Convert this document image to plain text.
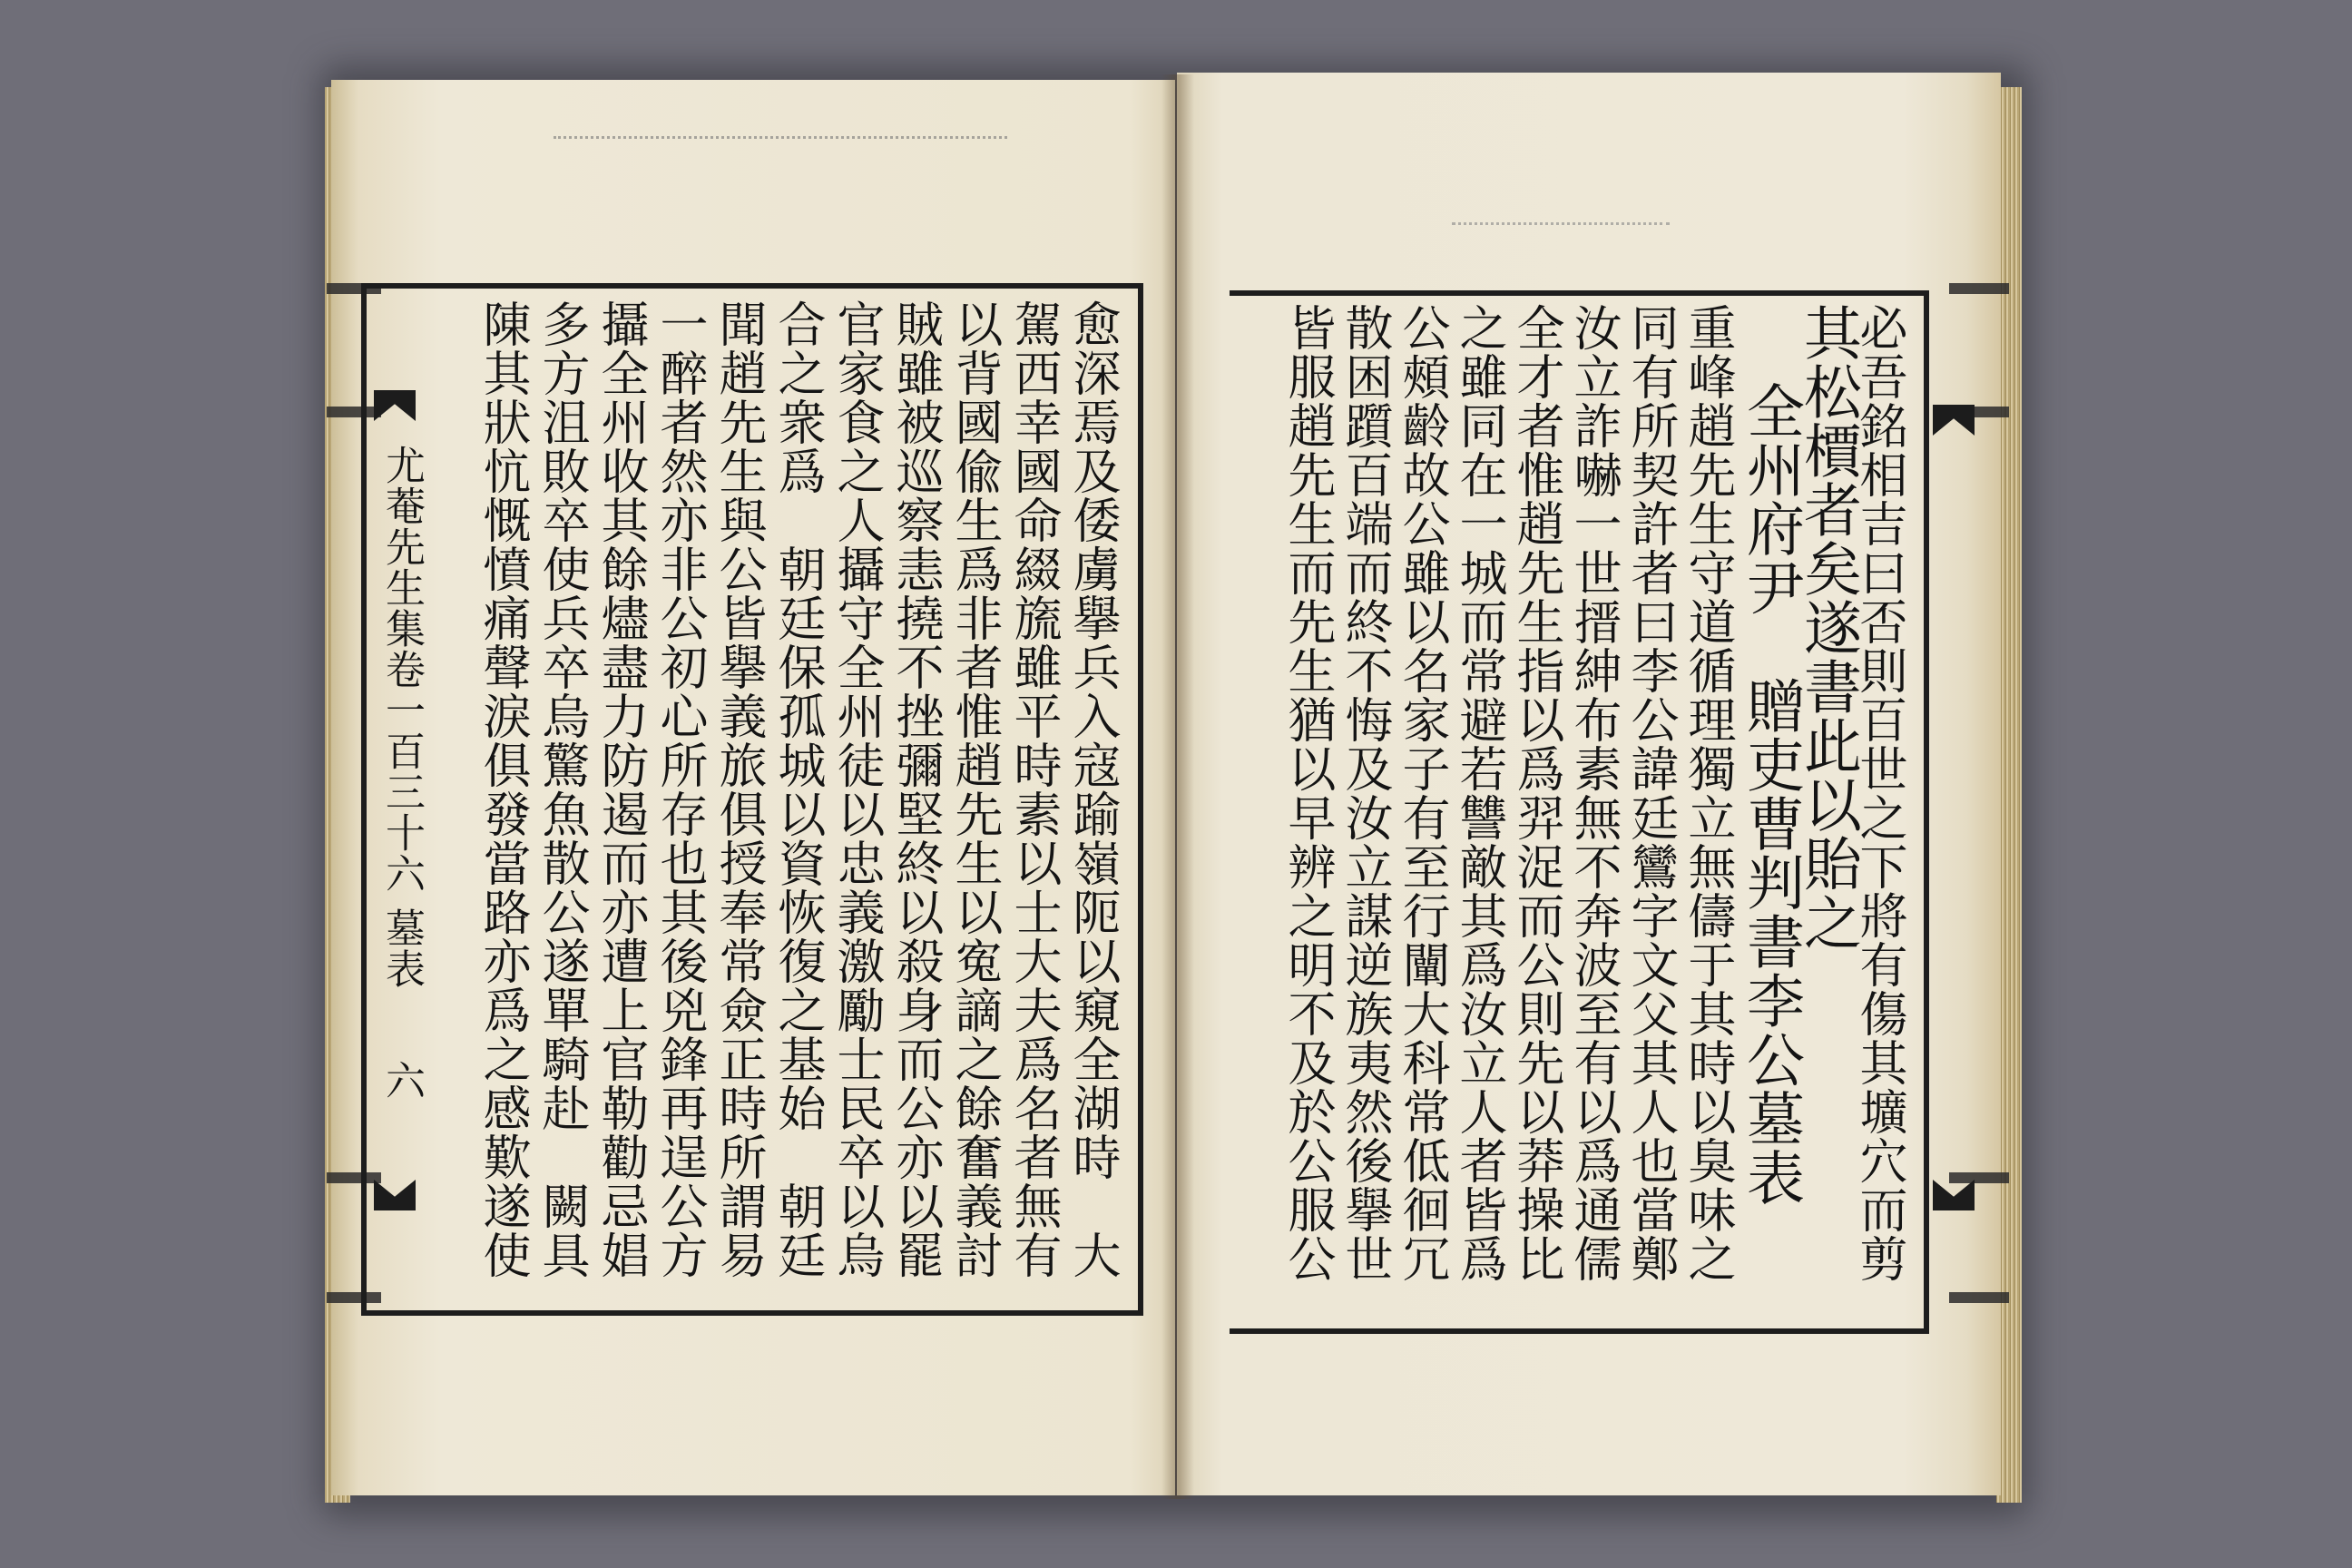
必吾銘相吉曰否則百世之下將有傷其壙穴而剪
其松檟者矣遂書此以貽之
全州府尹　贈吏曹判書李公墓表
重峰趙先生守道循理獨立無儔于其時以臭味之
同有所契許者曰李公諱廷鸞字文父其人也當鄭
汝立詐嚇一世搢紳布素無不奔波至有以爲通儒
全才者惟趙先生指以爲羿浞而公則先以莽操比
之雖同在一城而常避若讐敵其爲汝立人者皆爲
公頰齡故公雖以名家子有至行闡大科常低徊冗
散困躓百端而終不悔及汝立謀逆族夷然後擧世
皆服趙先生而先生猶以早辨之明不及於公服公
愈深焉及倭虜擧兵入寇踰嶺阨以窺全湖時　大
駕西幸國命綴旒雖平時素以士大夫爲名者無有
以背國偸生爲非者惟趙先生以寃謫之餘奮義討
賊雖被巡察恚撓不挫彌堅終以殺身而公亦以罷
官家食之人攝守全州徒以忠義激勵士民卒以烏
合之衆爲　朝廷保孤城以資恢復之基始　朝廷
聞趙先生與公皆擧義旅俱授奉常僉正時所謂易
一醉者然亦非公初心所存也其後兇鋒再逞公方
攝全州收其餘燼盡力防遏而亦遭上官勒勸忌娼
多方沮敗卒使兵卒烏驚魚散公遂單騎赴　闕具
陳其狀忼慨憤痛聲淚俱發當路亦爲之感歎遂使
尤菴先生集卷一百三十六
墓表
六
